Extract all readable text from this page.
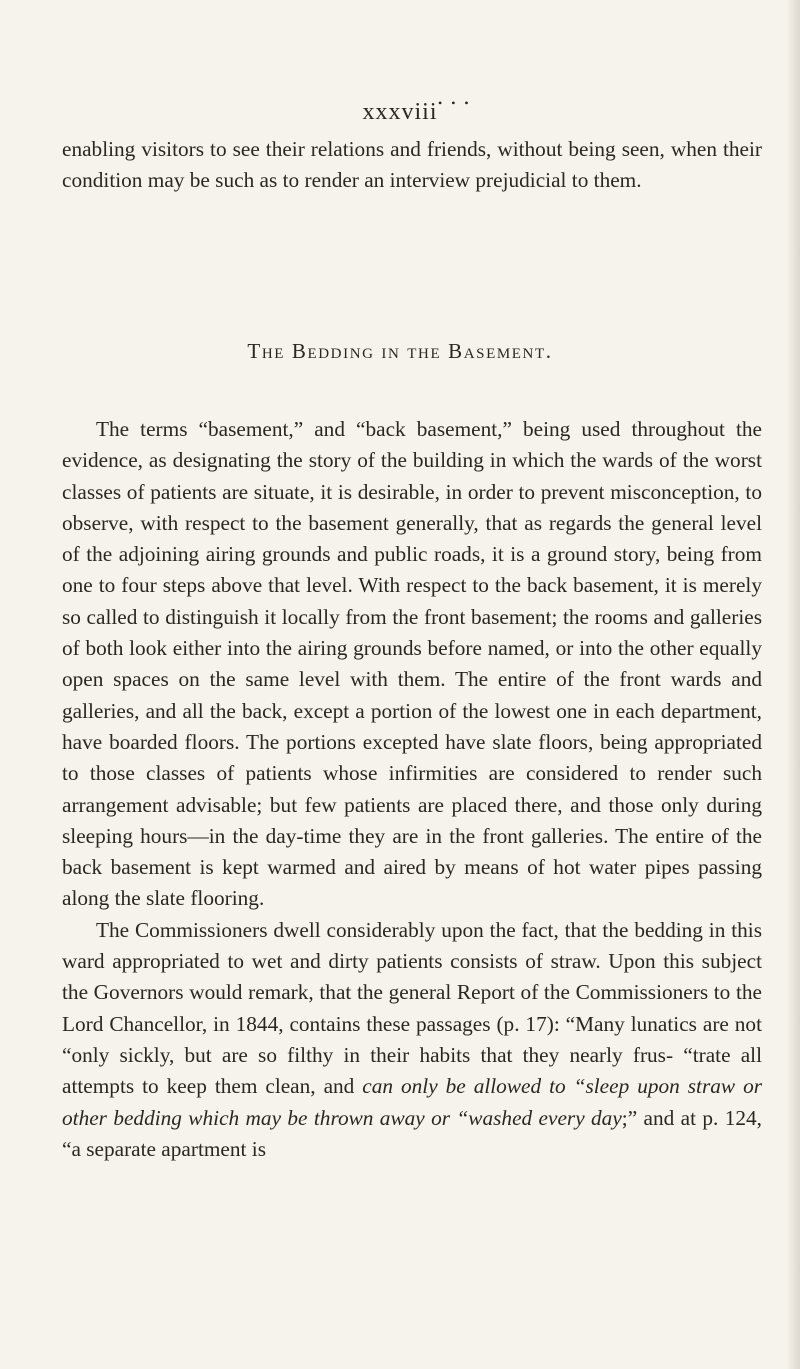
• • •
xxxviii

enabling visitors to see their relations and friends, without being seen, when their condition may be such as to render an interview prejudicial to them.

The Bedding in the Basement.

The terms “basement,” and “back basement,” being used throughout the evidence, as designating the story of the building in which the wards of the worst classes of patients are situate, it is desirable, in order to prevent misconception, to observe, with respect to the basement generally, that as regards the general level of the adjoining airing grounds and public roads, it is a ground story, being from one to four steps above that level. With respect to the back basement, it is merely so called to distinguish it locally from the front basement; the rooms and galleries of both look either into the airing grounds before named, or into the other equally open spaces on the same level with them. The entire of the front wards and galleries, and all the back, except a portion of the lowest one in each department, have boarded floors. The portions excepted have slate floors, being appropriated to those classes of patients whose infirmities are considered to render such arrangement advisable; but few patients are placed there, and those only during sleeping hours—in the day-time they are in the front galleries. The entire of the back basement is kept warmed and aired by means of hot water pipes passing along the slate flooring.

The Commissioners dwell considerably upon the fact, that the bedding in this ward appropriated to wet and dirty patients consists of straw. Upon this subject the Governors would remark, that the general Report of the Commissioners to the Lord Chancellor, in 1844, contains these passages (p. 17): “Many lunatics are not “only sickly, but are so filthy in their habits that they nearly frus- “trate all attempts to keep them clean, and can only be allowed to “sleep upon straw or other bedding which may be thrown away or “washed every day;” and at p. 124, “a separate apartment is
